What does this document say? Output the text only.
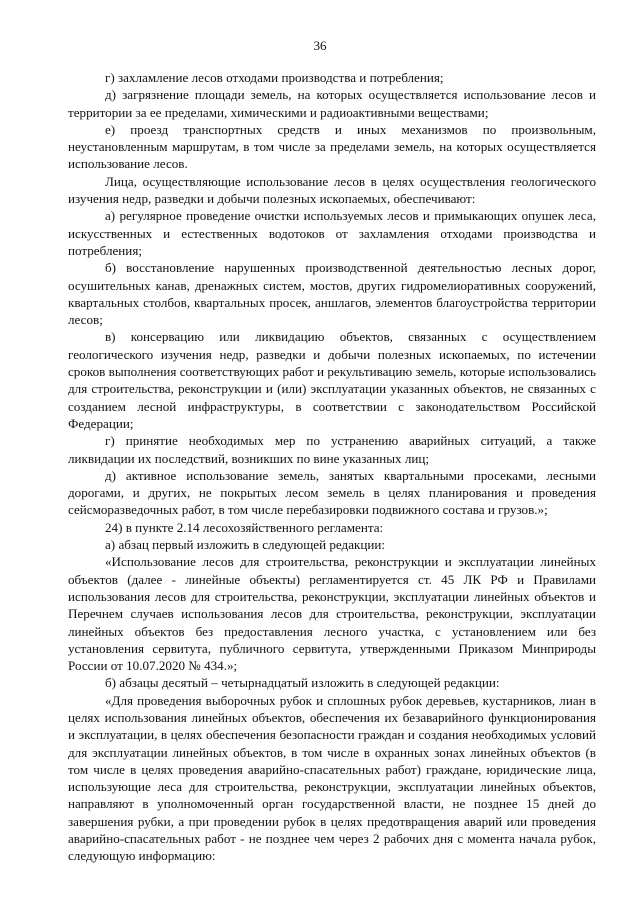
36

г) захламление лесов отходами производства и потребления;

д) загрязнение площади земель, на которых осуществляется использование лесов и территории за ее пределами, химическими и радиоактивными веществами;

е) проезд транспортных средств и иных механизмов по произвольным, неустановленным маршрутам, в том числе за пределами земель, на которых осуществляется использование лесов.

Лица, осуществляющие использование лесов в целях осуществления геологического изучения недр, разведки и добычи полезных ископаемых, обеспечивают:

а) регулярное проведение очистки используемых лесов и примыкающих опушек леса, искусственных и естественных водотоков от захламления отходами производства и потребления;

б) восстановление нарушенных производственной деятельностью лесных дорог, осушительных канав, дренажных систем, мостов, других гидромелиоративных сооружений, квартальных столбов, квартальных просек, аншлагов, элементов благоустройства территории лесов;

в) консервацию или ликвидацию объектов, связанных с осуществлением геологического изучения недр, разведки и добычи полезных ископаемых, по истечении сроков выполнения соответствующих работ и рекультивацию земель, которые использовались для строительства, реконструкции и (или) эксплуатации указанных объектов, не связанных с созданием лесной инфраструктуры, в соответствии с законодательством Российской Федерации;

г) принятие необходимых мер по устранению аварийных ситуаций, а также ликвидации их последствий, возникших по вине указанных лиц;

д) активное использование земель, занятых квартальными просеками, лесными дорогами, и других, не покрытых лесом земель в целях планирования и проведения сейсморазведочных работ, в том числе перебазировки подвижного состава и грузов.»;

24) в пункте 2.14 лесохозяйственного регламента:

а) абзац первый изложить в следующей редакции:

«Использование лесов для строительства, реконструкции и эксплуатации линейных объектов (далее - линейные объекты) регламентируется ст. 45 ЛК РФ и Правилами использования лесов для строительства, реконструкции, эксплуатации линейных объектов и Перечнем случаев использования лесов для строительства, реконструкции, эксплуатации линейных объектов без предоставления лесного участка, с установлением или без установления сервитута, публичного сервитута, утвержденными Приказом Минприроды России от 10.07.2020 № 434.»;

б) абзацы десятый – четырнадцатый изложить в следующей редакции:

«Для проведения выборочных рубок и сплошных рубок деревьев, кустарников, лиан в целях использования линейных объектов, обеспечения их безаварийного функционирования и эксплуатации, в целях обеспечения безопасности граждан и создания необходимых условий для эксплуатации линейных объектов, в том числе в охранных зонах линейных объектов (в том числе в целях проведения аварийно-спасательных работ) граждане, юридические лица, использующие леса для строительства, реконструкции, эксплуатации линейных объектов, направляют в уполномоченный орган государственной власти, не позднее 15 дней до завершения рубки, а при проведении рубок в целях предотвращения аварий или проведения аварийно-спасательных работ - не позднее чем через 2 рабочих дня с момента начала рубок, следующую информацию:
